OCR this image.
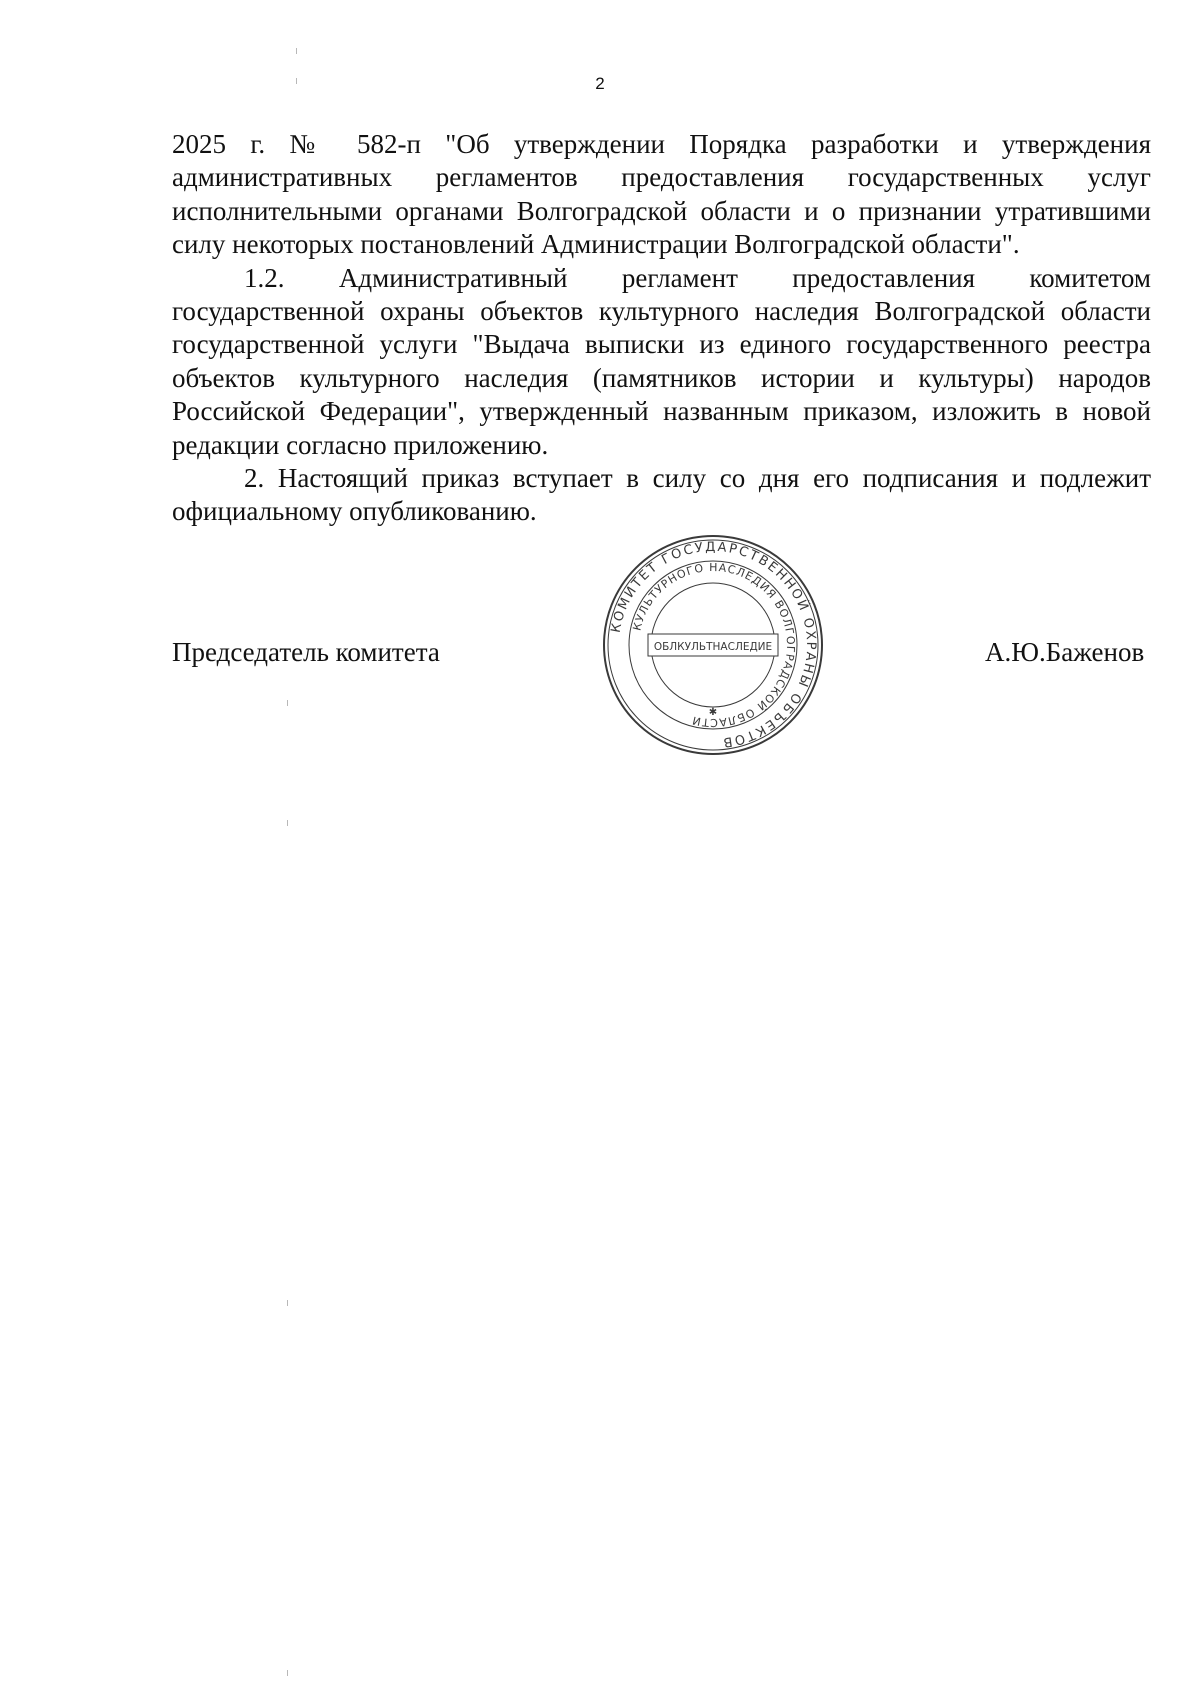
2

2025 г. № 582-п "Об утверждении Порядка разработки и утверждения административных регламентов предоставления государственных услуг исполнительными органами Волгоградской области и о признании утратившими силу некоторых постановлений Администрации Волгоградской области".

1.2. Административный регламент предоставления комитетом государственной охраны объектов культурного наследия Волгоградской области государственной услуги "Выдача выписки из единого государственного реестра объектов культурного наследия (памятников истории и культуры) народов Российской Федерации", утвержденный названным приказом, изложить в новой редакции согласно приложению.

2. Настоящий приказ вступает в силу со дня его подписания и подлежит официальному опубликованию.

Председатель комитета	А.Ю.Баженов
КОМИТЕТ ГОСУДАРСТВЕННОЙ ОХРАНЫ ОБЪЕКТОВ
КУЛЬТУРНОГО НАСЛЕДИЯ ВОЛГОГРАДСКОЙ ОБЛАСТИ
ОБЛКУЛЬТНАСЛЕДИЕ
✱
